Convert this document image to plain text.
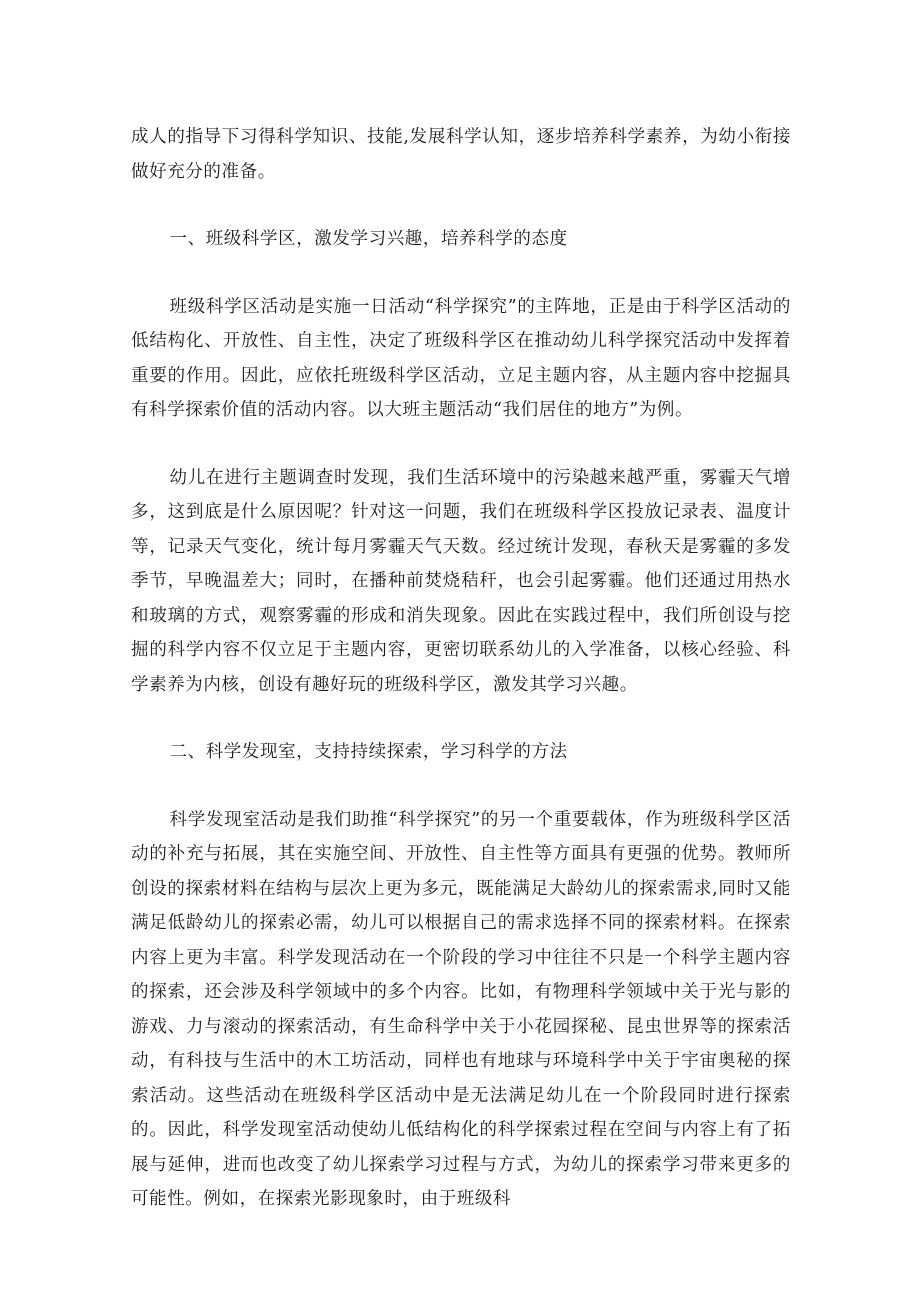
成人的指导下习得科学知识、技能,发展科学认知，逐步培养科学素养，为幼小衔接做好充分的准备。

一、班级科学区，激发学习兴趣，培养科学的态度

班级科学区活动是实施一日活动“科学探究”的主阵地，正是由于科学区活动的低结构化、开放性、自主性，决定了班级科学区在推动幼儿科学探究活动中发挥着重要的作用。因此，应依托班级科学区活动，立足主题内容，从主题内容中挖掘具有科学探索价值的活动内容。以大班主题活动“我们居住的地方”为例。

幼儿在进行主题调查时发现，我们生活环境中的污染越来越严重，雾霾天气增多，这到底是什么原因呢？针对这一问题，我们在班级科学区投放记录表、温度计等，记录天气变化，统计每月雾霾天气天数。经过统计发现，春秋天是雾霾的多发季节，早晚温差大；同时，在播种前焚烧秸秆，也会引起雾霾。他们还通过用热水和玻璃的方式，观察雾霾的形成和消失现象。因此在实践过程中，我们所创设与挖掘的科学内容不仅立足于主题内容，更密切联系幼儿的入学准备，以核心经验、科学素养为内核，创设有趣好玩的班级科学区，激发其学习兴趣。

二、科学发现室，支持持续探索，学习科学的方法

科学发现室活动是我们助推“科学探究”的另一个重要载体，作为班级科学区活动的补充与拓展，其在实施空间、开放性、自主性等方面具有更强的优势。教师所创设的探索材料在结构与层次上更为多元，既能满足大龄幼儿的探索需求,同时又能满足低龄幼儿的探索必需，幼儿可以根据自己的需求选择不同的探索材料。在探索内容上更为丰富。科学发现活动在一个阶段的学习中往往不只是一个科学主题内容的探索，还会涉及科学领域中的多个内容。比如，有物理科学领域中关于光与影的游戏、力与滚动的探索活动，有生命科学中关于小花园探秘、昆虫世界等的探索活动，有科技与生活中的木工坊活动，同样也有地球与环境科学中关于宇宙奥秘的探索活动。这些活动在班级科学区活动中是无法满足幼儿在一个阶段同时进行探索的。因此，科学发现室活动使幼儿低结构化的科学探索过程在空间与内容上有了拓展与延伸，进而也改变了幼儿探索学习过程与方式，为幼儿的探索学习带来更多的可能性。例如，在探索光影现象时，由于班级科
